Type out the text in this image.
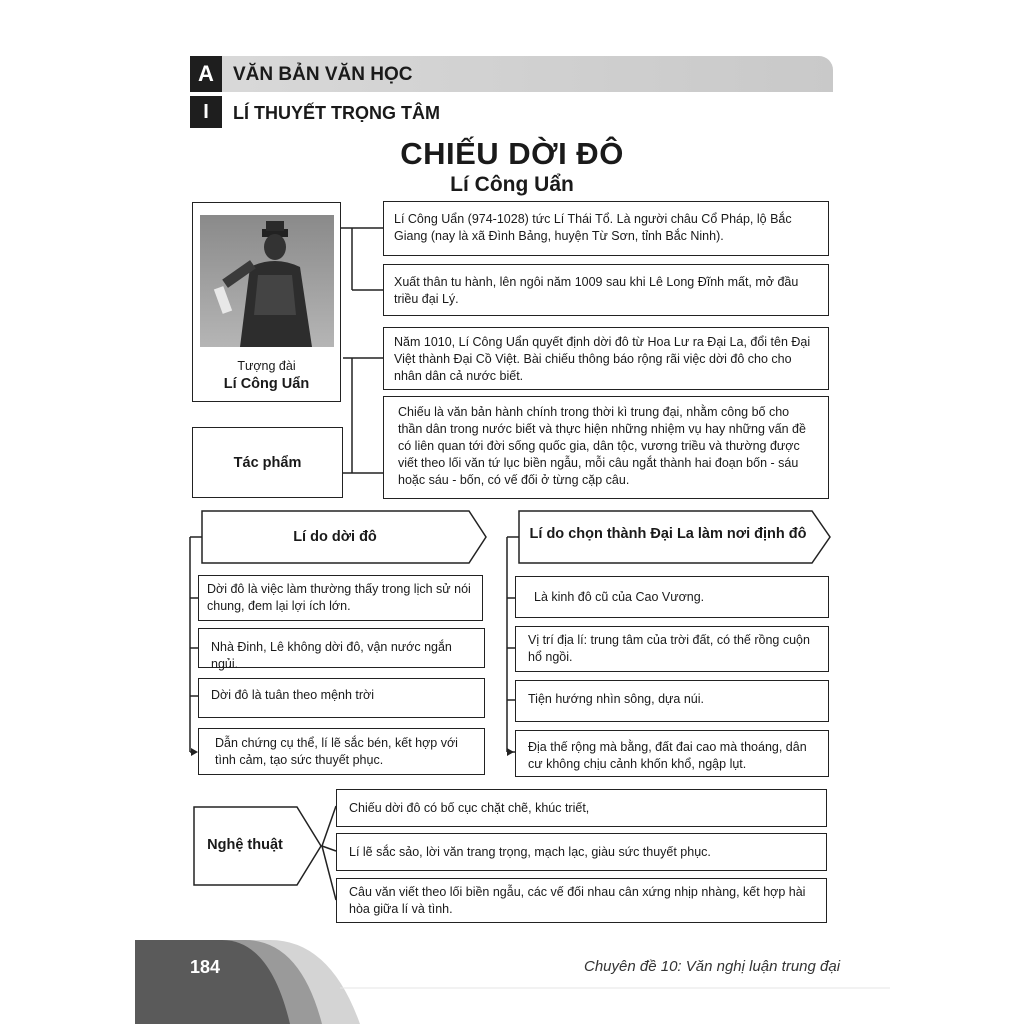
A	VĂN BẢN VĂN HỌC
I	LÍ THUYẾT TRỌNG TÂM
CHIẾU DỜI ĐÔ
Lí Công Uẩn
Tượng đài
Lí Công Uẩn
Lí Công Uẩn (974-1028) tức Lí Thái Tổ. Là người châu Cổ Pháp, lộ Bắc Giang (nay là xã Đình Bảng, huyện Từ Sơn, tỉnh Bắc Ninh).
Xuất thân tu hành, lên ngôi năm 1009 sau khi Lê Long Đĩnh mất, mở đầu triều đại Lý.
Tác phẩm
Năm 1010, Lí Công Uẩn quyết định dời đô từ Hoa Lư ra Đại La, đổi tên Đại Việt thành Đại Cồ Việt. Bài chiếu thông báo rộng rãi việc dời đô cho cho nhân dân cả nước biết.
Chiếu là văn bản hành chính trong thời kì trung đại, nhằm công bố cho thần dân trong nước biết và thực hiện những nhiệm vụ hay những vấn đề có liên quan tới đời sống quốc gia, dân tộc, vương triều và thường được viết theo lối văn tứ lục biền ngẫu, mỗi câu ngắt thành hai đoạn bốn - sáu hoặc sáu - bốn, có vế đối ở từng cặp câu.
Lí do dời đô
Dời đô là việc làm thường thấy trong lịch sử nói chung, đem lại lợi ích lớn.
Nhà Đinh, Lê không dời đô, vận nước ngắn ngủi.
Dời đô là tuân theo mệnh trời
Dẫn chứng cụ thể, lí lẽ sắc bén, kết hợp với tình cảm, tạo sức thuyết phục.
Lí do chọn thành Đại La làm nơi định đô
Là kinh đô cũ của Cao Vương.
Vị trí địa lí: trung tâm của trời đất, có thế rồng cuộn hổ ngồi.
Tiện hướng nhìn sông, dựa núi.
Địa thế rộng mà bằng, đất đai cao mà thoáng, dân cư không chịu cảnh khốn khổ, ngập lụt.
Nghệ thuật
Chiếu dời đô có bố cục chặt chẽ, khúc triết,
Lí lẽ sắc sảo, lời văn trang trọng, mạch lạc, giàu sức thuyết phục.
Câu văn viết theo lối biền ngẫu, các vế đối nhau cân xứng nhịp nhàng, kết hợp hài hòa giữa lí và tình.
184	Chuyên đề 10: Văn nghị luận trung đại
